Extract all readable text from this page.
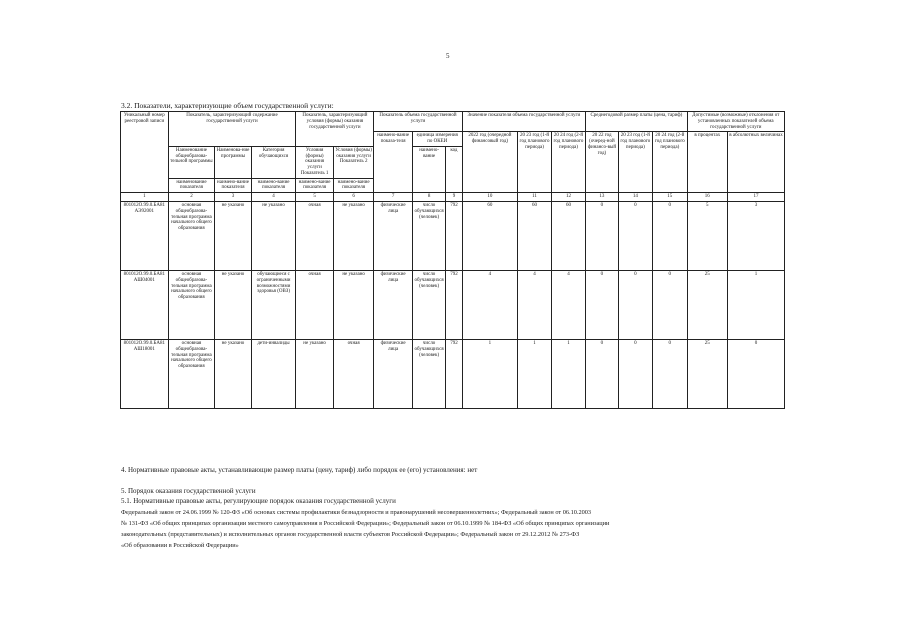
5
3.2. Показатели, характеризующие объем государственной услуги:
Уникальный номер реестровой записи	Показатель, характеризующий содержание государственной услуги			Показатель, характеризующий условия (формы) оказания государственной услуги		Показатель объема государственной услуги			Значение показателя объема государственной услуги			Среднегодовой размер платы (цена, тариф)			Допустимые (возможные) отклонения от установленных показателей объема государственной услуги	
						наимено-вание показа-теля	единица измерения по ОКЕИ		2022 год (очередной финансовый год)	20 23 год (1-й год планового периода)	20 24 год (2-й год планового периода)	20 22 год (очеред-ной финансо-вый год)	20 23 год (1-й год планового периода)	20 24 год (2-й год планового периода)	в процентах	в абсолютных величинах
	Наименование общеобразова-тельной программы	Наименова-ние программы	Категория обучающихся	Условия (формы) оказания услуги Показатель 1	Условия (формы) оказания услуги Показатель 2		наимено-вание	код								
	наименование показателя	наимено-вание показателя	наимено-вание показателя	наимено-вание показателя	наимено-вание показателя											
1	2	3	4	5	6	7	8	9	10	11	12	13	14	15	16	17
801012О.99.0.БА81АЭ92001	основная общеобразова-тельная программа начального общего образования	не указано	не указано	очная	не указано	физические лица	число обучающихся (человек)	792	60	60	60	0	0	0	5	3
801012О.99.0.БА81АШ04001	основная общеобразова-тельная программа начального общего образования	не указано	обучающиеся с ограниченными возможностями здоровья (ОВЗ)	очная	не указано	физические лица	число обучающихся (человек)	792	4	4	4	0	0	0	25	1
801012О.99.0.БА81АШ18001	основная общеобразова-тельная программа начального общего образования	не указано	дети-инвалиды	не указано	очная	физические лица	число обучающихся (человек)	792	1	1	1	0	0	0	25	0
4. Нормативные правовые акты, устанавливающие размер платы (цену, тариф) либо порядок ее (его) установления: нет
5. Порядок оказания государственной услуги
5.1. Нормативные правовые акты, регулирующие порядок оказания государственной услуги
Федеральный закон от 24.06.1999 № 120-ФЗ «Об основах системы профилактики безнадзорности и правонарушений несовершеннолетних»; Федеральный закон от 06.10.2003
№ 131-ФЗ «Об общих принципах организации местного самоуправления в Российской Федерации»; Федеральный закон от 06.10.1999 № 184-ФЗ «Об общих принципах организации
законодательных (представительных) и исполнительных органов государственной власти субъектов Российской Федерации»; Федеральный закон от 29.12.2012 № 273-ФЗ
«Об образовании в Российской Федерации»
